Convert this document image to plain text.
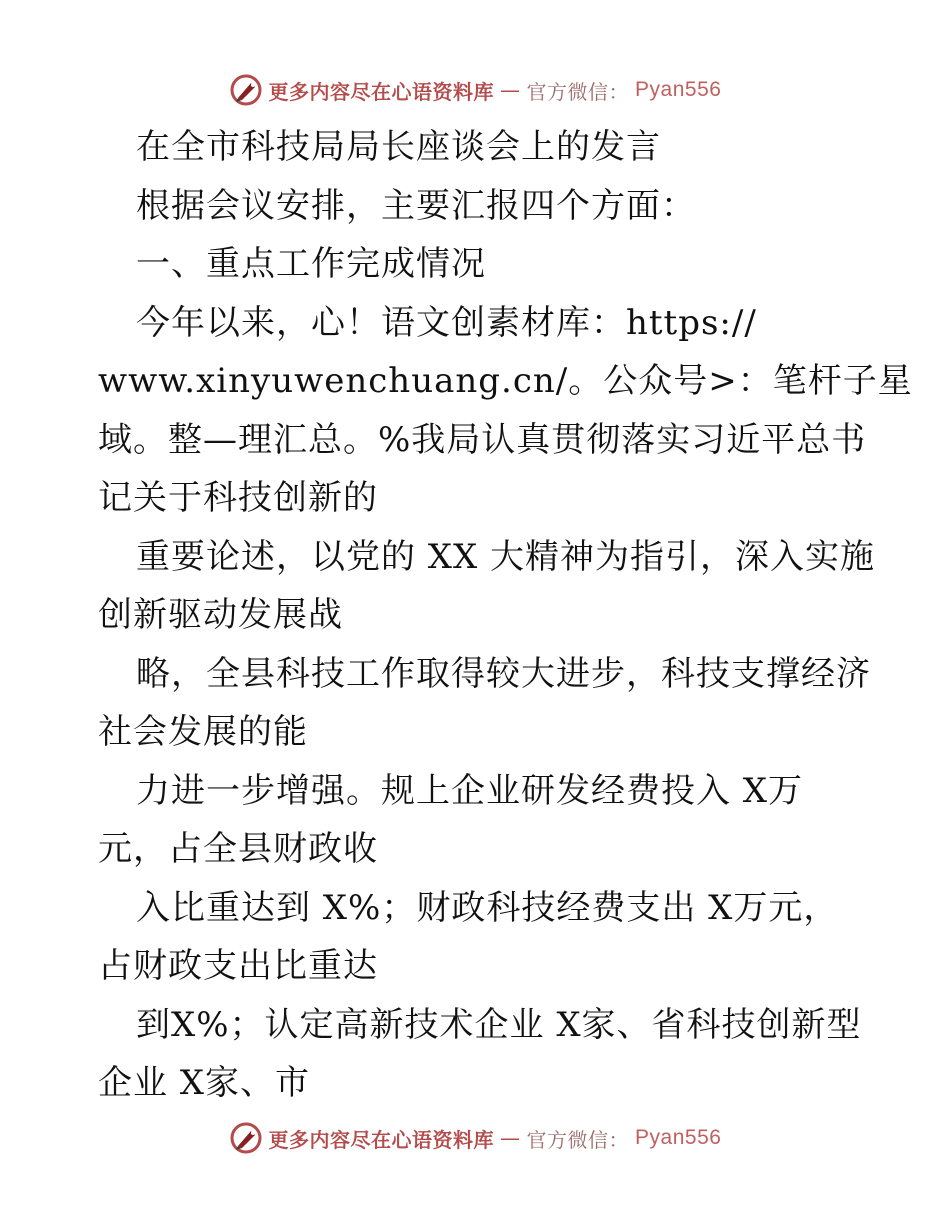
更多内容尽在心语资料库 — 官方微信： Pyan556
在全市科技局局长座谈会上的发言
根据会议安排，主要汇报四个方面：
一、重点工作完成情况
今年以来，心！语文创素材库：https://
www.xinyuwenchuang.cn/。公众号>：笔杆子星
域。整—理汇总。%我局认真贯彻落实习近平总书
记关于科技创新的
重要论述，以党的 XX 大精神为指引，深入实施
创新驱动发展战
略，全县科技工作取得较大进步，科技支撑经济
社会发展的能
力进一步增强。规上企业研发经费投入 X万
元，占全县财政收
入比重达到 X%；财政科技经费支出 X万元，
占财政支出比重达
到X%；认定高新技术企业 X家、省科技创新型
企业 X家、市
更多内容尽在心语资料库 — 官方微信： Pyan556
